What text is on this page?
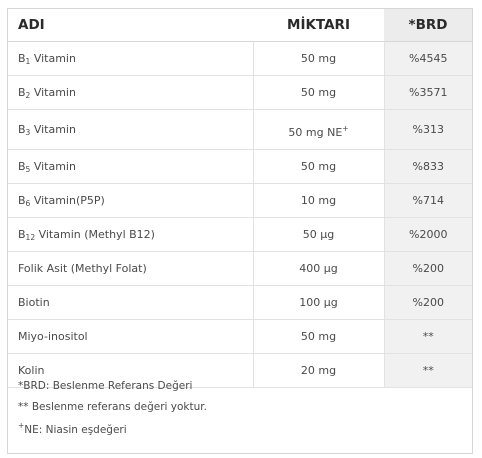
ADI	MİKTARI	*BRD
$B_1$ Vitamin	50 mg	%4545
$B_2$ Vitamin	50 mg	%3571
$B_3$ Vitamin	50 mg NE+	%313
$B_5$ Vitamin	50 mg	%833
$B_6$ Vitamin(P5P)	10 mg	%714
$B_{12}$ Vitamin (Methyl B12)	50 µg	%2000
Folik Asit (Methyl Folat)	400 µg	%200
Biotin	100 µg	%200
Miyo-inositol	50 mg	**
Kolin	20 mg	**
*BRD: Beslenme Referans Değeri
** Beslenme referans değeri yoktur.
+NE: Niasin eşdeğeri
